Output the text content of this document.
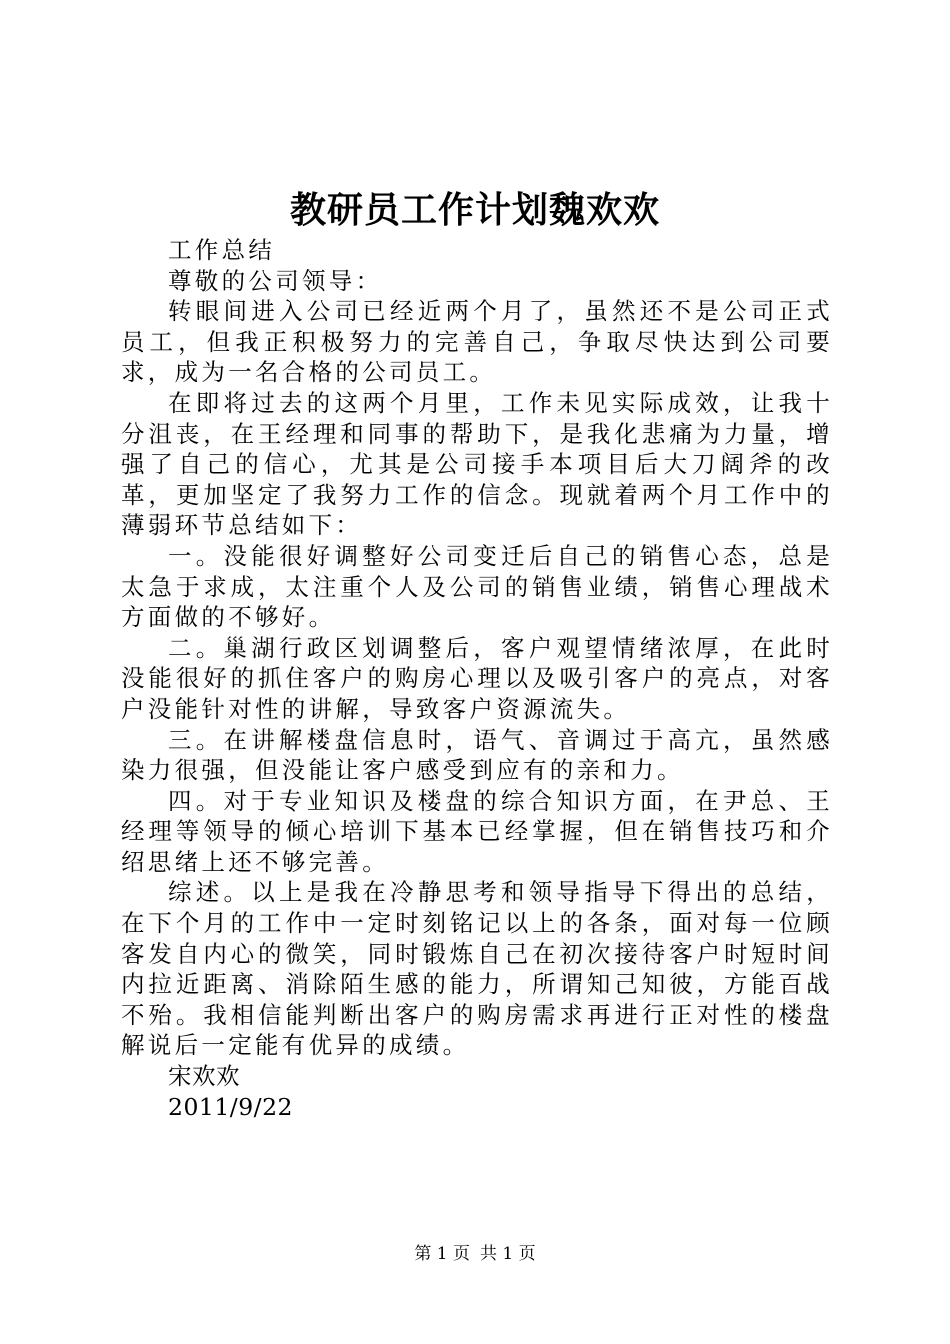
教研员工作计划魏欢欢

工作总结

尊敬的公司领导：

转眼间进入公司已经近两个月了，虽然还不是公司正式员工，但我正积极努力的完善自己，争取尽快达到公司要求，成为一名合格的公司员工。

在即将过去的这两个月里，工作未见实际成效，让我十分沮丧，在王经理和同事的帮助下，是我化悲痛为力量，增强了自己的信心，尤其是公司接手本项目后大刀阔斧的改革，更加坚定了我努力工作的信念。现就着两个月工作中的薄弱环节总结如下：

一。没能很好调整好公司变迁后自己的销售心态，总是太急于求成，太注重个人及公司的销售业绩，销售心理战术方面做的不够好。

二。巢湖行政区划调整后，客户观望情绪浓厚，在此时没能很好的抓住客户的购房心理以及吸引客户的亮点，对客户没能针对性的讲解，导致客户资源流失。

三。在讲解楼盘信息时，语气、音调过于高亢，虽然感染力很强，但没能让客户感受到应有的亲和力。

四。对于专业知识及楼盘的综合知识方面，在尹总、王经理等领导的倾心培训下基本已经掌握，但在销售技巧和介绍思绪上还不够完善。

综述。以上是我在冷静思考和领导指导下得出的总结，在下个月的工作中一定时刻铭记以上的各条，面对每一位顾客发自内心的微笑，同时锻炼自己在初次接待客户时短时间内拉近距离、消除陌生感的能力，所谓知己知彼，方能百战不殆。我相信能判断出客户的购房需求再进行正对性的楼盘解说后一定能有优异的成绩。

宋欢欢

2011/9/22

第 1 页 共 1 页
